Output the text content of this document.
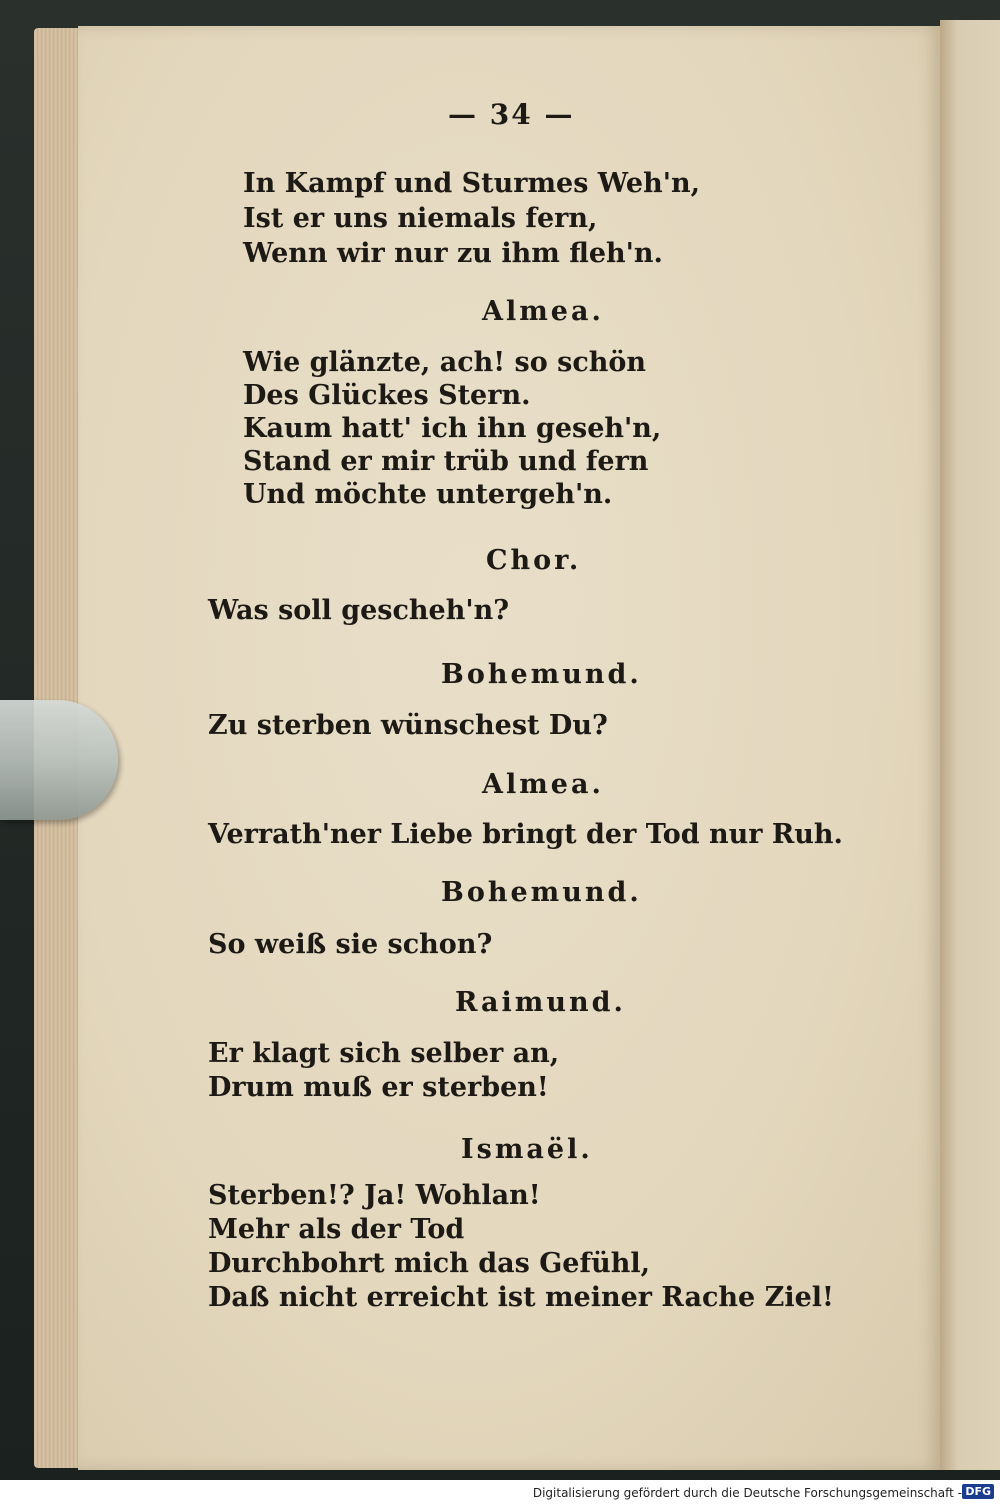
— 34 —
In Kampf und Sturmes Weh'n,
Ist er uns niemals fern,
Wenn wir nur zu ihm fleh'n.
Almea.
Wie glänzte, ach! so schön
Des Glückes Stern.
Kaum hatt' ich ihn geseh'n,
Stand er mir trüb und fern
Und möchte untergeh'n.
Chor.
Was soll gescheh'n?
Bohemund.
Zu sterben wünschest Du?
Almea.
Verrath'ner Liebe bringt der Tod nur Ruh.
Bohemund.
So weiß sie schon?
Raimund.
Er klagt sich selber an,
Drum muß er sterben!
Ismaël.
Sterben!? Ja! Wohlan!
Mehr als der Tod
Durchbohrt mich das Gefühl,
Daß nicht erreicht ist meiner Rache Ziel!
Digitalisierung gefördert durch die Deutsche Forschungsgemeinschaft - DFG
